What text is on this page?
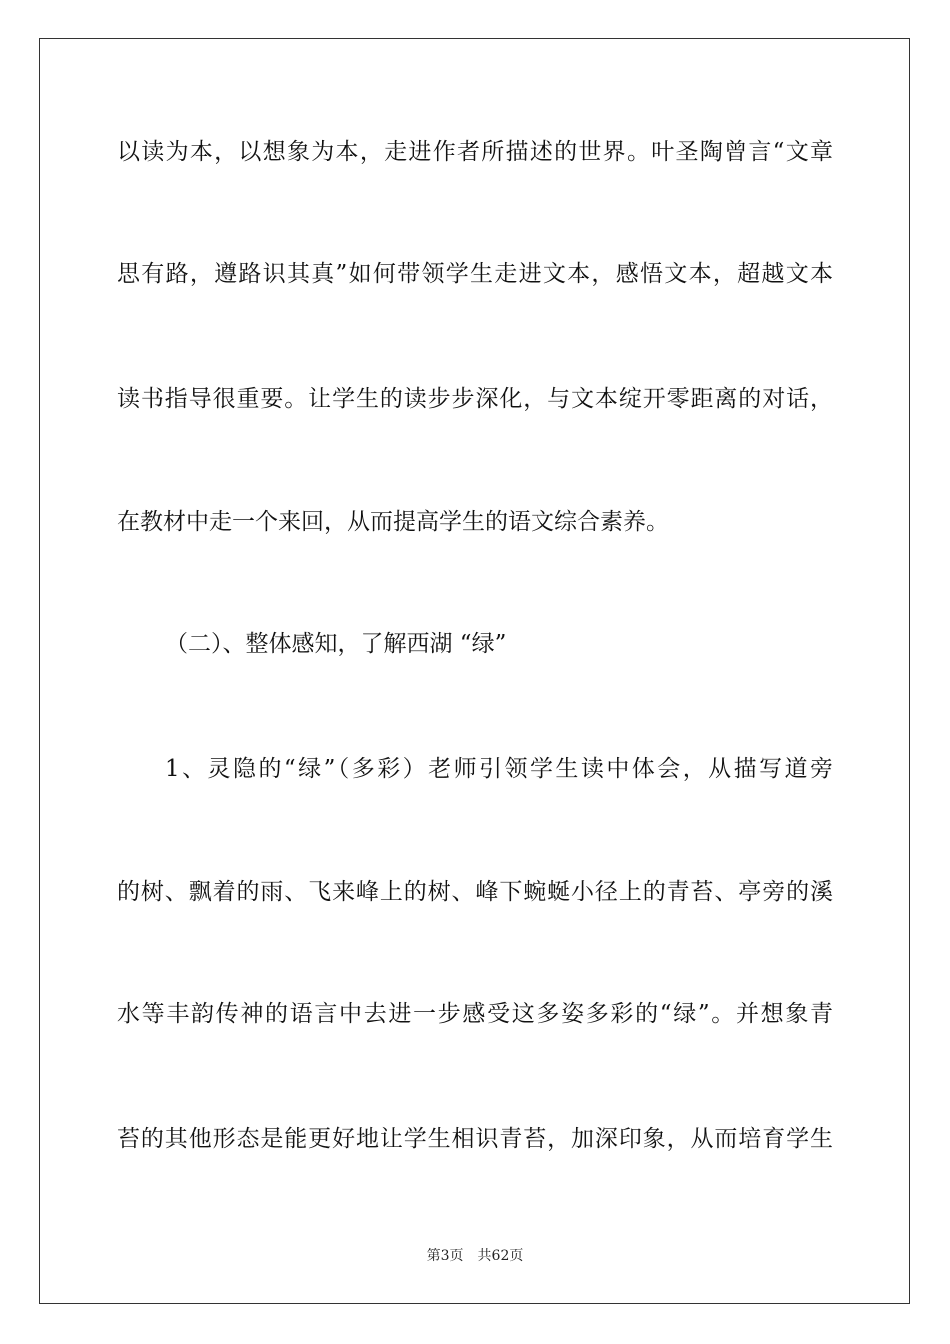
以读为本，以想象为本，走进作者所描述的世界。叶圣陶曾言“文章
思有路，遵路识其真”如何带领学生走进文本，感悟文本，超越文本
读书指导很重要。让学生的读步步深化，与文本绽开零距离的对话，
在教材中走一个来回，从而提高学生的语文综合素养。
（二）、整体感知，了解西湖 “绿”
1、灵隐的“绿”（多彩）老师引领学生读中体会，从描写道旁
的树、飘着的雨、飞来峰上的树、峰下蜿蜒小径上的青苔、亭旁的溪
水等丰韵传神的语言中去进一步感受这多姿多彩的“绿”。并想象青
苔的其他形态是能更好地让学生相识青苔，加深印象，从而培育学生
第3页 共62页
